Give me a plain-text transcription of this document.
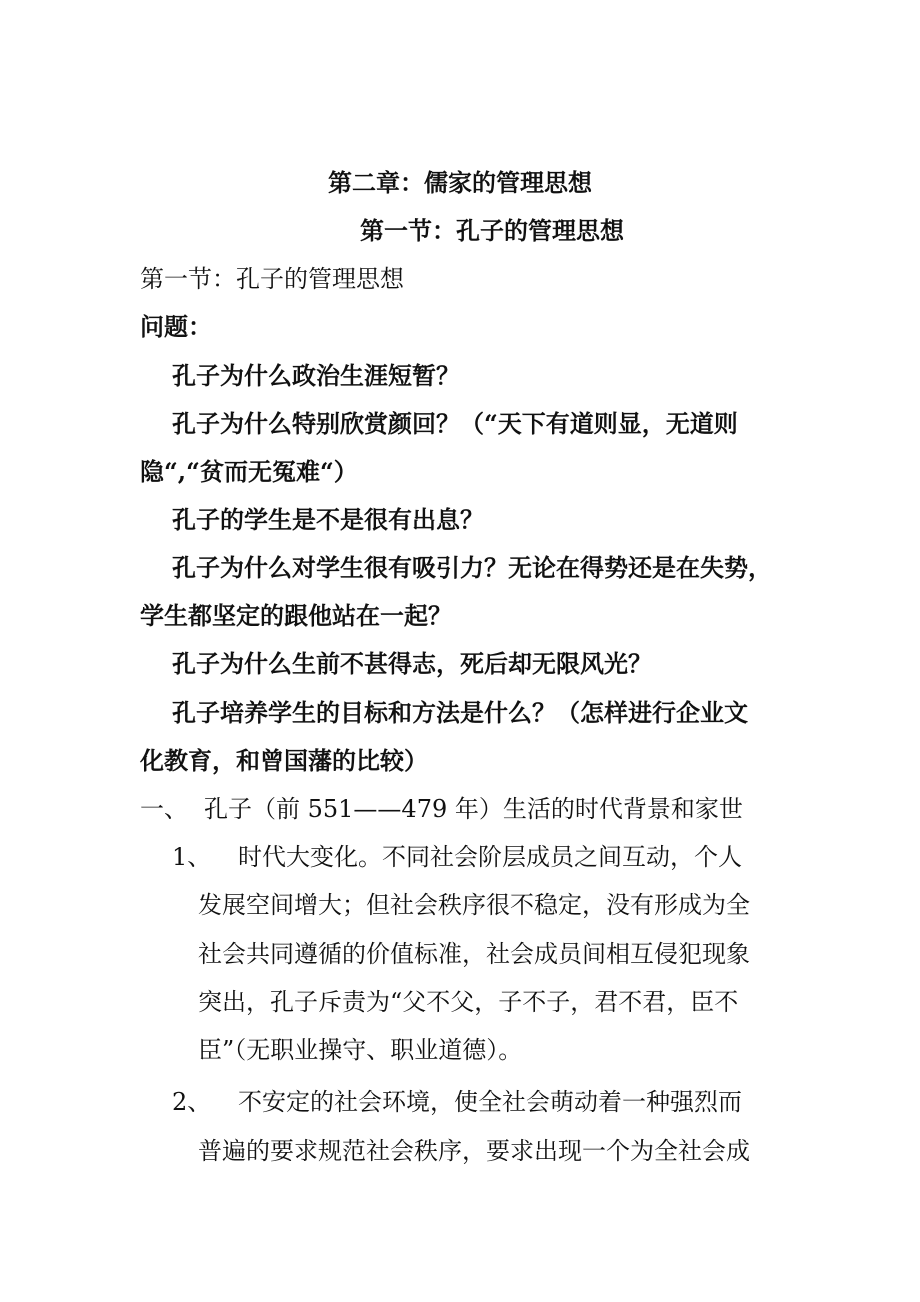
第二章：儒家的管理思想
第一节：孔子的管理思想
第一节：孔子的管理思想
问题：
孔子为什么政治生涯短暂？
孔子为什么特别欣赏颜回？（“天下有道则显，无道则
隐“,“贫而无冤难“）
孔子的学生是不是很有出息？
孔子为什么对学生很有吸引力？无论在得势还是在失势，
学生都坚定的跟他站在一起？
孔子为什么生前不甚得志，死后却无限风光？
孔子培养学生的目标和方法是什么？（怎样进行企业文
化教育，和曾国藩的比较）
一、 孔子（前 551——479 年）生活的时代背景和家世
1、 时代大变化。不同社会阶层成员之间互动，个人
发展空间增大；但社会秩序很不稳定，没有形成为全
社会共同遵循的价值标准，社会成员间相互侵犯现象
突出，孔子斥责为“父不父，子不子，君不君，臣不
臣”（无职业操守、职业道德）。
2、 不安定的社会环境，使全社会萌动着一种强烈而
普遍的要求规范社会秩序，要求出现一个为全社会成
